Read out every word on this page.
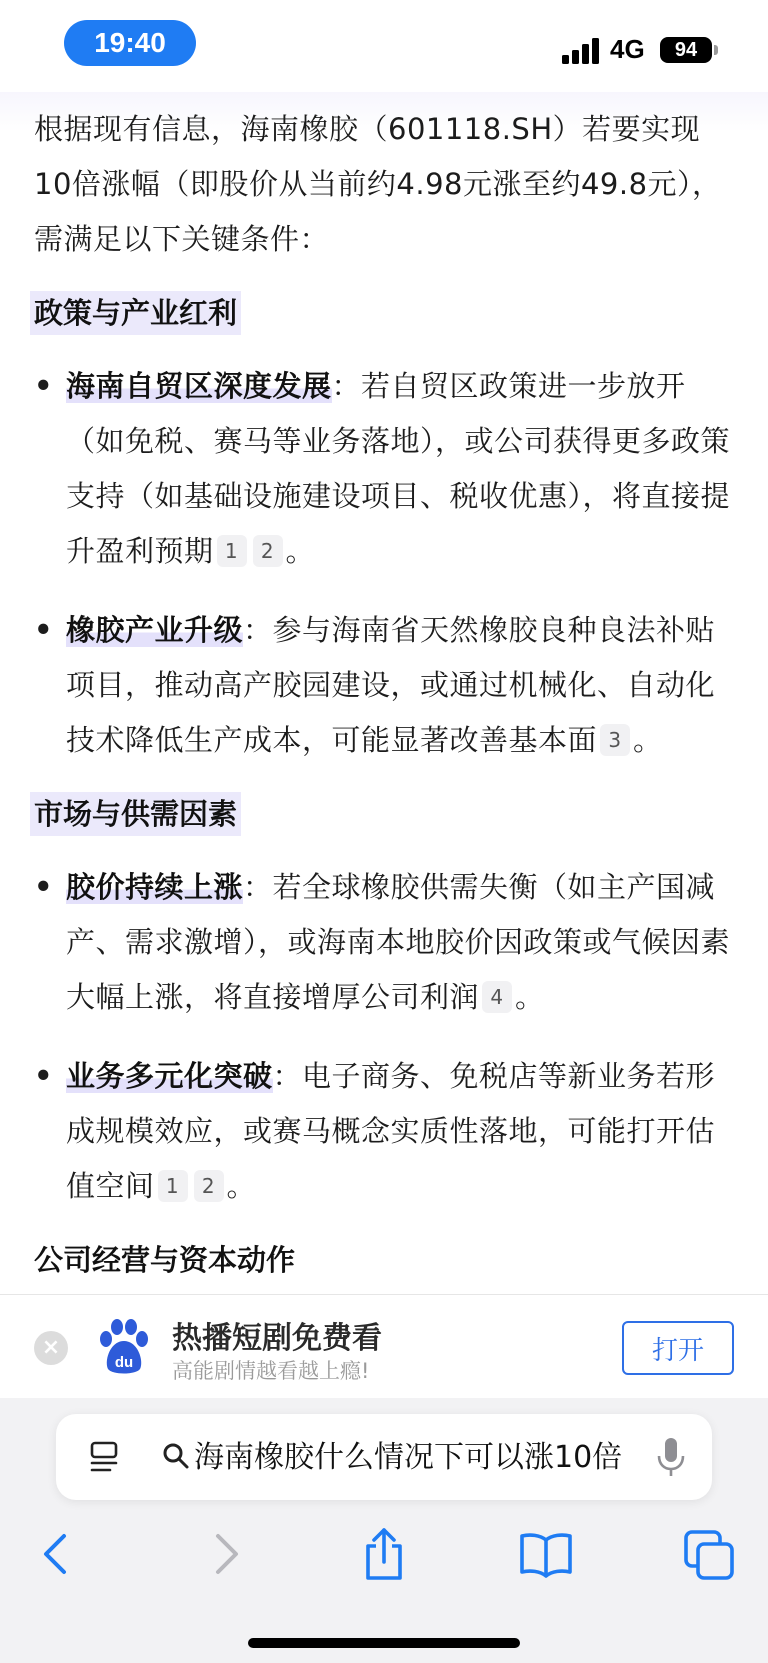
19:40	4G 94

根据现有信息，海南橡胶（601118.SH）若要实现10倍涨幅（即股价从当前约4.98元涨至约49.8元），需满足以下关键条件：

政策与产业红利
• 海南自贸区深度发展：若自贸区政策进一步放开（如免税、赛马等业务落地），或公司获得更多政策支持（如基础设施建设项目、税收优惠），将直接提升盈利预期 1 2 。
• 橡胶产业升级：参与海南省天然橡胶良种良法补贴项目，推动高产胶园建设，或通过机械化、自动化技术降低生产成本，可能显著改善基本面 3 。
市场与供需因素
• 胶价持续上涨：若全球橡胶供需失衡（如主产国减产、需求激增），或海南本地胶价因政策或气候因素大幅上涨，将直接增厚公司利润 4 。
• 业务多元化突破：电子商务、免税店等新业务若形成规模效应，或赛马概念实质性落地，可能打开估值空间 1 2 。
公司经营与资本动作
×
du
热播短剧免费看
高能剧情越看越上瘾!
打开
海南橡胶什么情况下可以涨10倍
